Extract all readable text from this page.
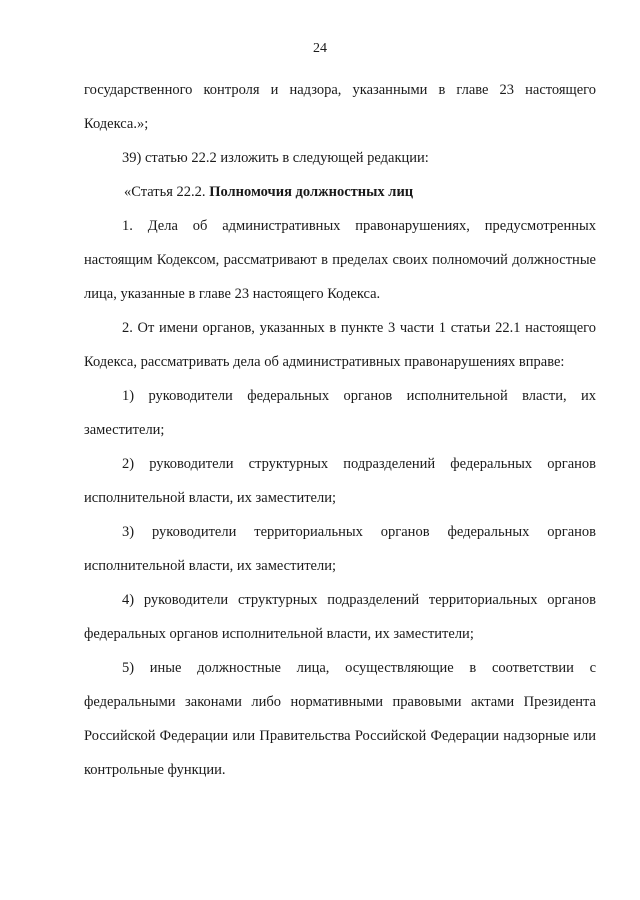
24

государственного контроля и надзора, указанными в главе 23 настоящего Кодекса.»;

39) статью 22.2 изложить в следующей редакции:

«Статья 22.2. Полномочия должностных лиц

1. Дела об административных правонарушениях, предусмотренных настоящим Кодексом, рассматривают в пределах своих полномочий должностные лица, указанные в главе 23 настоящего Кодекса.

2. От имени органов, указанных в пункте 3 части 1 статьи 22.1 настоящего Кодекса, рассматривать дела об административных правонарушениях вправе:

1) руководители федеральных органов исполнительной власти, их заместители;

2) руководители структурных подразделений федеральных органов исполнительной власти, их заместители;

3) руководители территориальных органов федеральных органов исполнительной власти, их заместители;

4) руководители структурных подразделений территориальных органов федеральных органов исполнительной власти, их заместители;

5) иные должностные лица, осуществляющие в соответствии с федеральными законами либо нормативными правовыми актами Президента Российской Федерации или Правительства Российской Федерации надзорные или контрольные функции.
